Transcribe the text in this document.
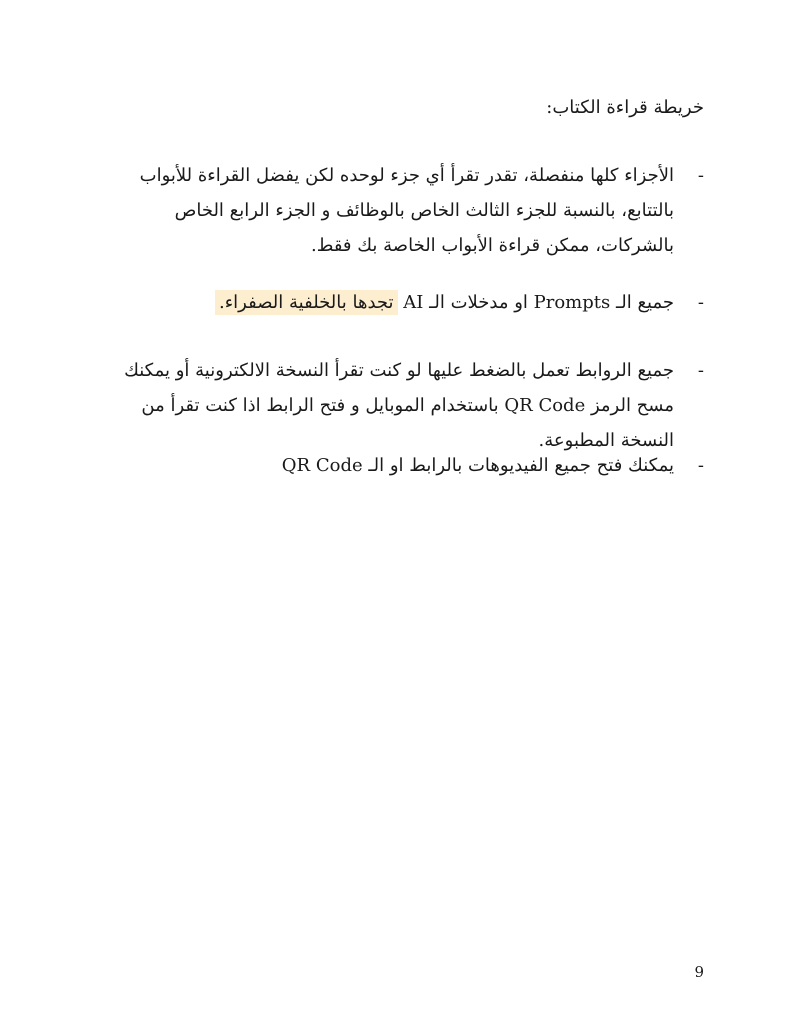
خريطة قراءة الكتاب:
-
الأجزاء كلها منفصلة، تقدر تقرأ أي جزء لوحده لكن يفضل القراءة للأبواب بالتتابع، بالنسبة للجزء الثالث الخاص بالوظائف و الجزء الرابع الخاص بالشركات، ممكن قراءة الأبواب الخاصة بك فقط.
-
جميع الـ Prompts او مدخلات الـ AI تجدها بالخلفية الصفراء.
-
جميع الروابط تعمل بالضغط عليها لو كنت تقرأ النسخة الالكترونية أو يمكنك مسح الرمز QR Code باستخدام الموبايل و فتح الرابط اذا كنت تقرأ من النسخة المطبوعة.
-
يمكنك فتح جميع الفيديوهات بالرابط او الـ QR Code
9
